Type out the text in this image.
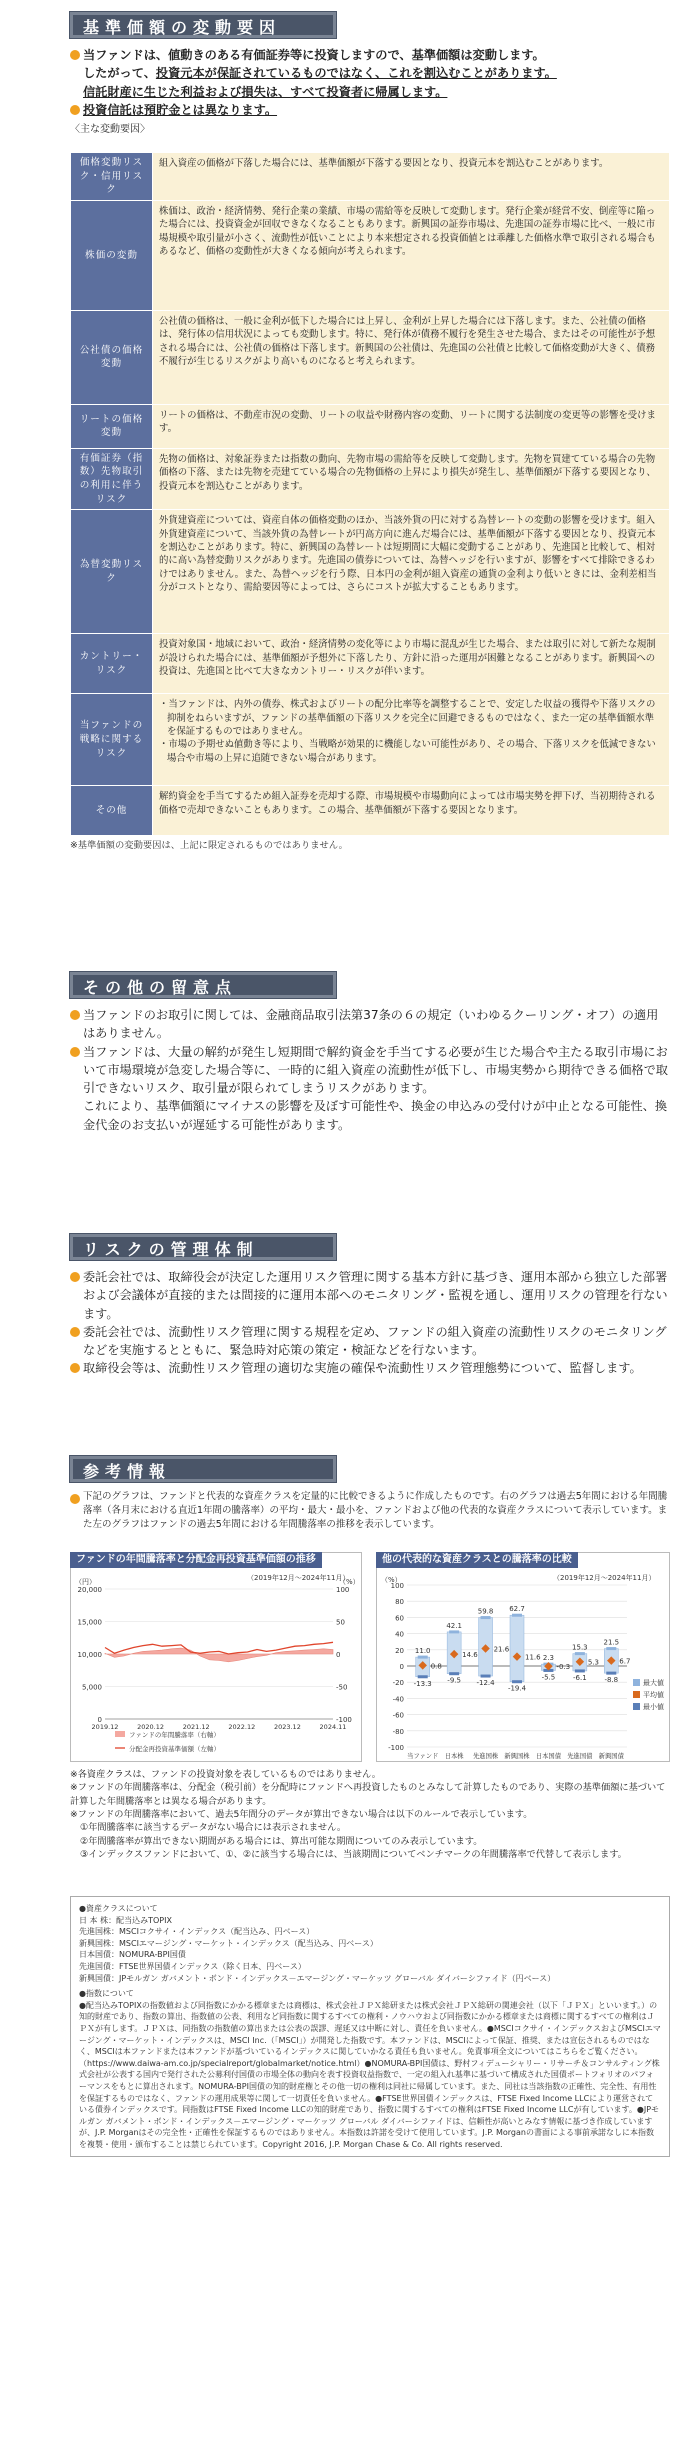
基準価額の変動要因
当ファンドは、値動きのある有価証券等に投資しますので、基準価額は変動します。
したがって、投資元本が保証されているものではなく、これを割込むことがあります。
信託財産に生じた利益および損失は、すべて投資者に帰属します。
投資信託は預貯金とは異なります。
〈主な変動要因〉
価格変動リスク・信用リスク	組入資産の価格が下落した場合には、基準価額が下落する要因となり、投資元本を割込むことがあります。
株価の変動	株価は、政治・経済情勢、発行企業の業績、市場の需給等を反映して変動します。発行企業が経営不安、倒産等に陥った場合には、投資資金が回収できなくなることもあります。新興国の証券市場は、先進国の証券市場に比べ、一般に市場規模や取引量が小さく、流動性が低いことにより本来想定される投資価値とは乖離した価格水準で取引される場合もあるなど、価格の変動性が大きくなる傾向が考えられます。
公社債の価格変動	公社債の価格は、一般に金利が低下した場合には上昇し、金利が上昇した場合には下落します。また、公社債の価格は、発行体の信用状況によっても変動します。特に、発行体が債務不履行を発生させた場合、またはその可能性が予想される場合には、公社債の価格は下落します。新興国の公社債は、先進国の公社債と比較して価格変動が大きく、債務不履行が生じるリスクがより高いものになると考えられます。
リートの価格変動	リートの価格は、不動産市況の変動、リートの収益や財務内容の変動、リートに関する法制度の変更等の影響を受けます。
有価証券（指数）先物取引の利用に伴うリスク	先物の価格は、対象証券または指数の動向、先物市場の需給等を反映して変動します。先物を買建てている場合の先物価格の下落、または先物を売建てている場合の先物価格の上昇により損失が発生し、基準価額が下落する要因となり、投資元本を割込むことがあります。
為替変動リスク	外貨建資産については、資産自体の価格変動のほか、当該外貨の円に対する為替レートの変動の影響を受けます。組入外貨建資産について、当該外貨の為替レートが円高方向に進んだ場合には、基準価額が下落する要因となり、投資元本を割込むことがあります。特に、新興国の為替レートは短期間に大幅に変動することがあり、先進国と比較して、相対的に高い為替変動リスクがあります。先進国の債券については、為替ヘッジを行いますが、影響をすべて排除できるわけではありません。また、為替ヘッジを行う際、日本円の金利が組入資産の通貨の金利より低いときには、金利差相当分がコストとなり、需給要因等によっては、さらにコストが拡大することもあります。
カントリー・リスク	投資対象国・地域において、政治・経済情勢の変化等により市場に混乱が生じた場合、または取引に対して新たな規制が設けられた場合には、基準価額が予想外に下落したり、方針に沿った運用が困難となることがあります。新興国への投資は、先進国と比べて大きなカントリー・リスクが伴います。
当ファンドの戦略に関するリスク	・当ファンドは、内外の債券、株式およびリートの配分比率等を調整することで、安定した収益の獲得や下落リスクの抑制をねらいますが、ファンドの基準価額の下落リスクを完全に回避できるものではなく、また一定の基準価額水準を保証するものではありません。
・市場の予期せぬ値動き等により、当戦略が効果的に機能しない可能性があり、その場合、下落リスクを低減できない場合や市場の上昇に追随できない場合があります。

その他	解約資金を手当てするため組入証券を売却する際、市場規模や市場動向によっては市場実勢を押下げ、当初期待される価格で売却できないこともあります。この場合、基準価額が下落する要因となります。
※基準価額の変動要因は、上記に限定されるものではありません。
その他の留意点
当ファンドのお取引に関しては、金融商品取引法第37条の６の規定（いわゆるクーリング・オフ）の適用はありません。
当ファンドは、大量の解約が発生し短期間で解約資金を手当てする必要が生じた場合や主たる取引市場において市場環境が急変した場合等に、一時的に組入資産の流動性が低下し、市場実勢から期待できる価格で取引できないリスク、取引量が限られてしまうリスクがあります。
これにより、基準価額にマイナスの影響を及ぼす可能性や、換金の申込みの受付けが中止となる可能性、換金代金のお支払いが遅延する可能性があります。
リスクの管理体制
委託会社では、取締役会が決定した運用リスク管理に関する基本方針に基づき、運用本部から独立した部署および会議体が直接的または間接的に運用本部へのモニタリング・監視を通し、運用リスクの管理を行ないます。
委託会社では、流動性リスク管理に関する規程を定め、ファンドの組入資産の流動性リスクのモニタリングなどを実施するとともに、緊急時対応策の策定・検証などを行ないます。
取締役会等は、流動性リスク管理の適切な実施の確保や流動性リスク管理態勢について、監督します。
参考情報
下記のグラフは、ファンドと代表的な資産クラスを定量的に比較できるように作成したものです。右のグラフは過去5年間における年間騰落率（各月末における直近1年間の騰落率）の平均・最大・最小を、ファンドおよび他の代表的な資産クラスについて表示しています。また左のグラフはファンドの過去5年間における年間騰落率の推移を表示しています。
ファンドの年間騰落率と分配金再投資基準価額の推移
（2019年12月～2024年11月）
（円）	（%）
20,000
15,000
10,000
5,000
0
100
50
0
-50
-100
2019.12	2020.12	2021.12	2022.12	2023.12	2024.11
ファンドの年間騰落率（右軸）
分配金再投資基準価額（左軸）
他の代表的な資産クラスとの騰落率の比較
（2019年12月～2024年11月）
（%）
100
80
60
40
20
0
-20
-40
-60
-80
-100
11.0
-13.3
0.8
当ファンド
42.1
-9.5
14.6
日本株
59.8
-12.4
21.6
先進国株
62.7
-19.4
11.6
新興国株
2.3
-5.5
-0.3
日本国債
15.3
-6.1
5.3
先進国債
21.5
-8.8
6.7
新興国債
最大値
平均値
最小値
※各資産クラスは、ファンドの投資対象を表しているものではありません。
※ファンドの年間騰落率は、分配金（税引前）を分配時にファンドへ再投資したものとみなして計算したものであり、実際の基準価額に基づいて計算した年間騰落率とは異なる場合があります。
※ファンドの年間騰落率において、過去5年間分のデータが算出できない場合は以下のルールで表示しています。
①年間騰落率に該当するデータがない場合には表示されません。
②年間騰落率が算出できない期間がある場合には、算出可能な期間についてのみ表示しています。
③インデックスファンドにおいて、①、②に該当する場合には、当該期間についてベンチマークの年間騰落率で代替して表示します。
●資産クラスについて
日 本 株：配当込みTOPIX
先進国株：MSCIコクサイ・インデックス（配当込み、円ベース）
新興国株：MSCIエマージング・マーケット・インデックス（配当込み、円ベース）
日本国債：NOMURA-BPI国債
先進国債：FTSE世界国債インデックス（除く日本、円ベース）
新興国債：JPモルガン ガバメント・ボンド・インデックス－エマージング・マーケッツ グローバル ダイバーシファイド（円ベース）
●指数について
●配当込みTOPIXの指数値および同指数にかかる標章または商標は、株式会社ＪＰＸ総研または株式会社ＪＰＸ総研の関連会社（以下「ＪＰＸ」といいます。）の知的財産であり、指数の算出、指数値の公表、利用など同指数に関するすべての権利・ノウハウおよび同指数にかかる標章または商標に関するすべての権利はＪＰＸが有します。ＪＰＸは、同指数の指数値の算出または公表の誤謬、遅延又は中断に対し、責任を負いません。●MSCIコクサイ・インデックスおよびMSCIエマージング・マーケット・インデックスは、MSCI Inc.（「MSCI」）が開発した指数です。本ファンドは、MSCIによって保証、推奨、または宣伝されるものではなく、MSCIは本ファンドまたは本ファンドが基づいているインデックスに関していかなる責任も負いません。免責事項全文についてはこちらをご覧ください。（https://www.daiwa-am.co.jp/specialreport/globalmarket/notice.html）●NOMURA-BPI国債は、野村フィデューシャリー・リサーチ＆コンサルティング株式会社が公表する国内で発行された公募利付国債の市場全体の動向を表す投資収益指数で、一定の組入れ基準に基づいて構成された国債ポートフォリオのパフォーマンスをもとに算出されます。NOMURA-BPI国債の知的財産権とその他一切の権利は同社に帰属しています。また、同社は当該指数の正確性、完全性、有用性を保証するものではなく、ファンドの運用成果等に関して一切責任を負いません。●FTSE世界国債インデックスは、FTSE Fixed Income LLCにより運営されている債券インデックスです。同指数はFTSE Fixed Income LLCの知的財産であり、指数に関するすべての権利はFTSE Fixed Income LLCが有しています。●JPモルガン ガバメント・ボンド・インデックス－エマージング・マーケッツ グローバル ダイバーシファイドは、信頼性が高いとみなす情報に基づき作成していますが、J.P. Morganはその完全性・正確性を保証するものではありません。本指数は許諾を受けて使用しています。J.P. Morganの書面による事前承諾なしに本指数を複製・使用・頒布することは禁じられています。Copyright 2016, J.P. Morgan Chase & Co. All rights reserved.
